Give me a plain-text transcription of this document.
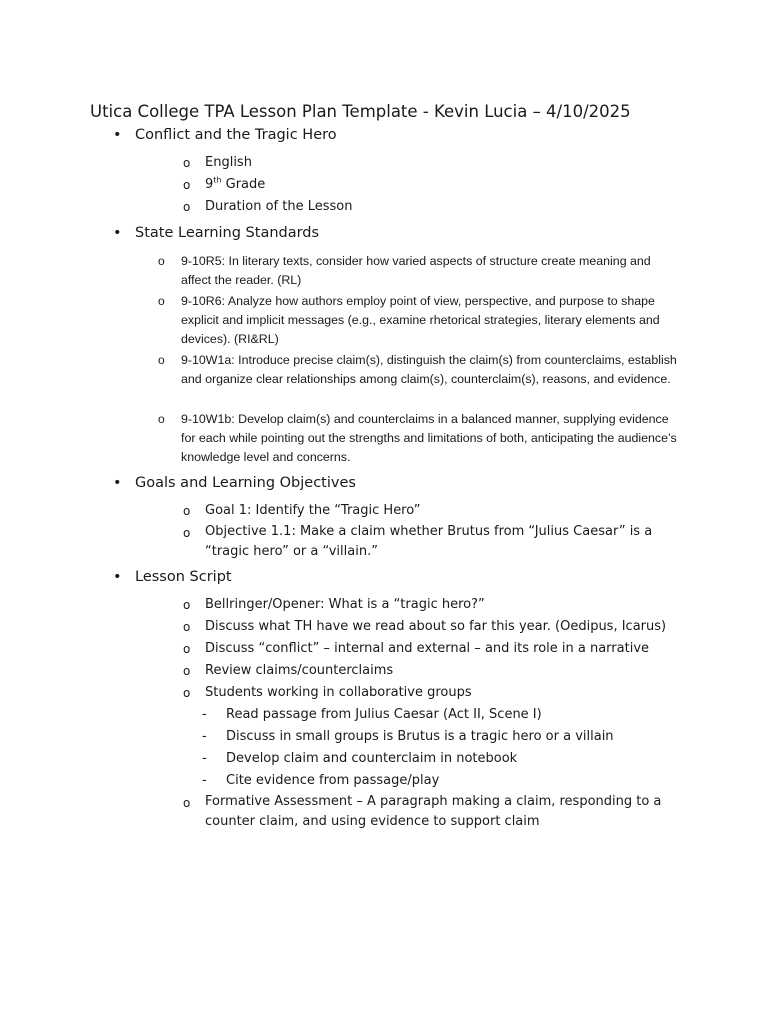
Utica College TPA Lesson Plan Template - Kevin Lucia – 4/10/2025
•
Conflict and the Tragic Hero
o English
o 9th Grade
o Duration of the Lesson
•
State Learning Standards
o 9-10R5: In literary texts, consider how varied aspects of structure create meaning and affect the reader. (RL)
o 9-10R6: Analyze how authors employ point of view, perspective, and purpose to shape explicit and implicit messages (e.g., examine rhetorical strategies, literary elements and devices). (RI&RL)
o 9-10W1a: Introduce precise claim(s), distinguish the claim(s) from counterclaims, establish and organize clear relationships among claim(s), counterclaim(s), reasons, and evidence.
o 9-10W1b: Develop claim(s) and counterclaims in a balanced manner, supplying evidence for each while pointing out the strengths and limitations of both, anticipating the audience’s knowledge level and concerns.
•
Goals and Learning Objectives
o Goal 1: Identify the “Tragic Hero”
o Objective 1.1: Make a claim whether Brutus from “Julius Caesar” is a “tragic hero” or a “villain.”
•
Lesson Script
o Bellringer/Opener: What is a “tragic hero?”
o Discuss what TH have we read about so far this year. (Oedipus, Icarus)
o Discuss “conflict” – internal and external – and its role in a narrative
o Review claims/counterclaims
o Students working in collaborative groups
- Read passage from Julius Caesar (Act II, Scene I)
- Discuss in small groups is Brutus is a tragic hero or a villain
- Develop claim and counterclaim in notebook
- Cite evidence from passage/play
o Formative Assessment – A paragraph making a claim, responding to a counter claim, and using evidence to support claim
